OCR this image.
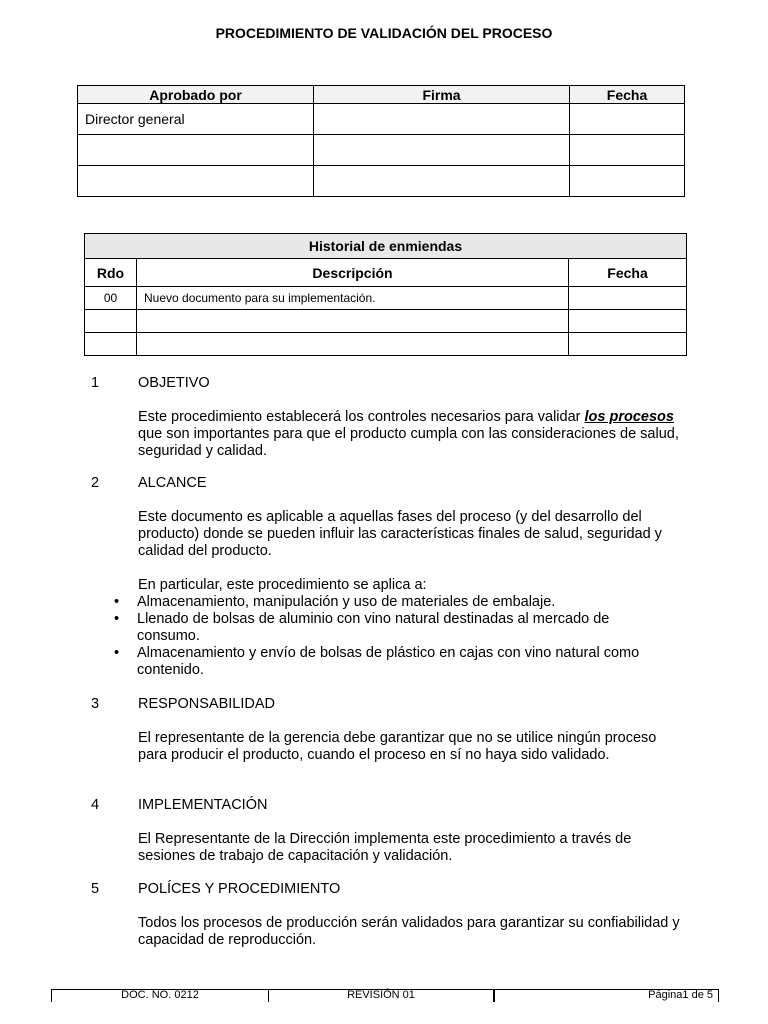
PROCEDIMIENTO DE VALIDACIÓN DEL PROCESO
Aprobado por	Firma	Fecha
Director general		

Historial de enmiendas		
Rdo	Descripción	Fecha
00	Nuevo documento para su implementación.	

1	OBJETIVO
Este procedimiento establecerá los controles necesarios para validar los procesos que son importantes para que el producto cumpla con las consideraciones de salud, seguridad y calidad.
2	ALCANCE
Este documento es aplicable a aquellas fases del proceso (y del desarrollo del producto) donde se pueden influir las características finales de salud, seguridad y calidad del producto.
En particular, este procedimiento se aplica a:
•	Almacenamiento, manipulación y uso de materiales de embalaje.
•	Llenado de bolsas de aluminio con vino natural destinadas al mercado de consumo.
•	Almacenamiento y envío de bolsas de plástico en cajas con vino natural como contenido.
3	RESPONSABILIDAD
El representante de la gerencia debe garantizar que no se utilice ningún proceso para producir el producto, cuando el proceso en sí no haya sido validado.
4	IMPLEMENTACIÓN
El Representante de la Dirección implementa este procedimiento a través de sesiones de trabajo de capacitación y validación.
5	POLÍCES Y PROCEDIMIENTO
Todos los procesos de producción serán validados para garantizar su confiabilidad y capacidad de reproducción.
DOC. NO. 0212	REVISIÓN 01	Página1 de 5
